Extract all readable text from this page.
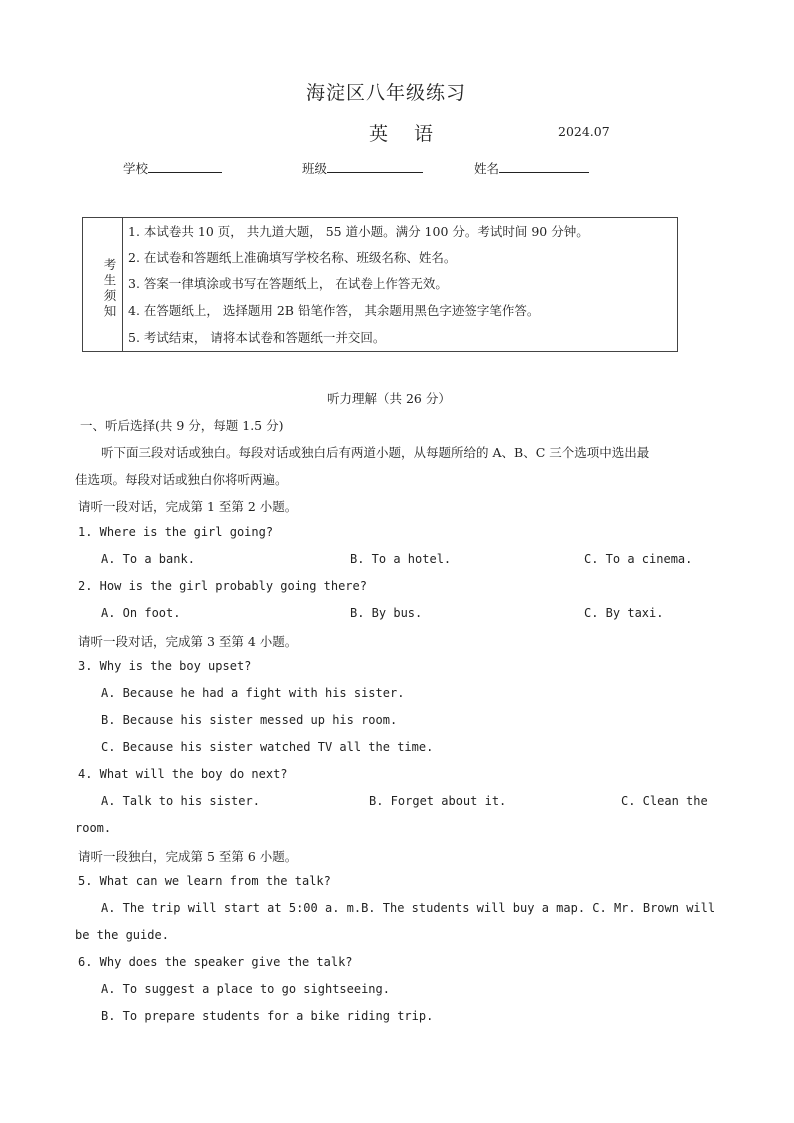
海淀区八年级练习
英 语	2024.07
学校	班级	姓名
考生须知
1. 本试卷共 10 页， 共九道大题， 55 道小题。满分 100 分。考试时间 90 分钟。
2. 在试卷和答题纸上准确填写学校名称、班级名称、姓名。
3. 答案一律填涂或书写在答题纸上， 在试卷上作答无效。
4. 在答题纸上， 选择题用 2B 铅笔作答， 其余题用黑色字迹签字笔作答。
5. 考试结束， 请将本试卷和答题纸一并交回。
听力理解（共 26 分）
一、听后选择(共 9 分，每题 1.5 分)
听下面三段对话或独白。每段对话或独白后有两道小题，从每题所给的 A、B、C 三个选项中选出最
佳选项。每段对话或独白你将听两遍。
请听一段对话，完成第 1 至第 2 小题。
1. Where is the girl going?
A. To a bank.	B. To a hotel.	C. To a cinema.
2. How is the girl probably going there?
A. On foot.	B. By bus.	C. By taxi.
请听一段对话，完成第 3 至第 4 小题。
3. Why is the boy upset?
A. Because he had a fight with his sister.
B. Because his sister messed up his room.
C. Because his sister watched TV all the time.
4. What will the boy do next?
A. Talk to his sister.	B. Forget about it.	C. Clean the
room.
请听一段独白，完成第 5 至第 6 小题。
5. What can we learn from the talk?
A. The trip will start at 5:00 a. m.B. The students will buy a map. C. Mr. Brown will
be the guide.
6. Why does the speaker give the talk?
A. To suggest a place to go sightseeing.
B. To prepare students for a bike riding trip.
